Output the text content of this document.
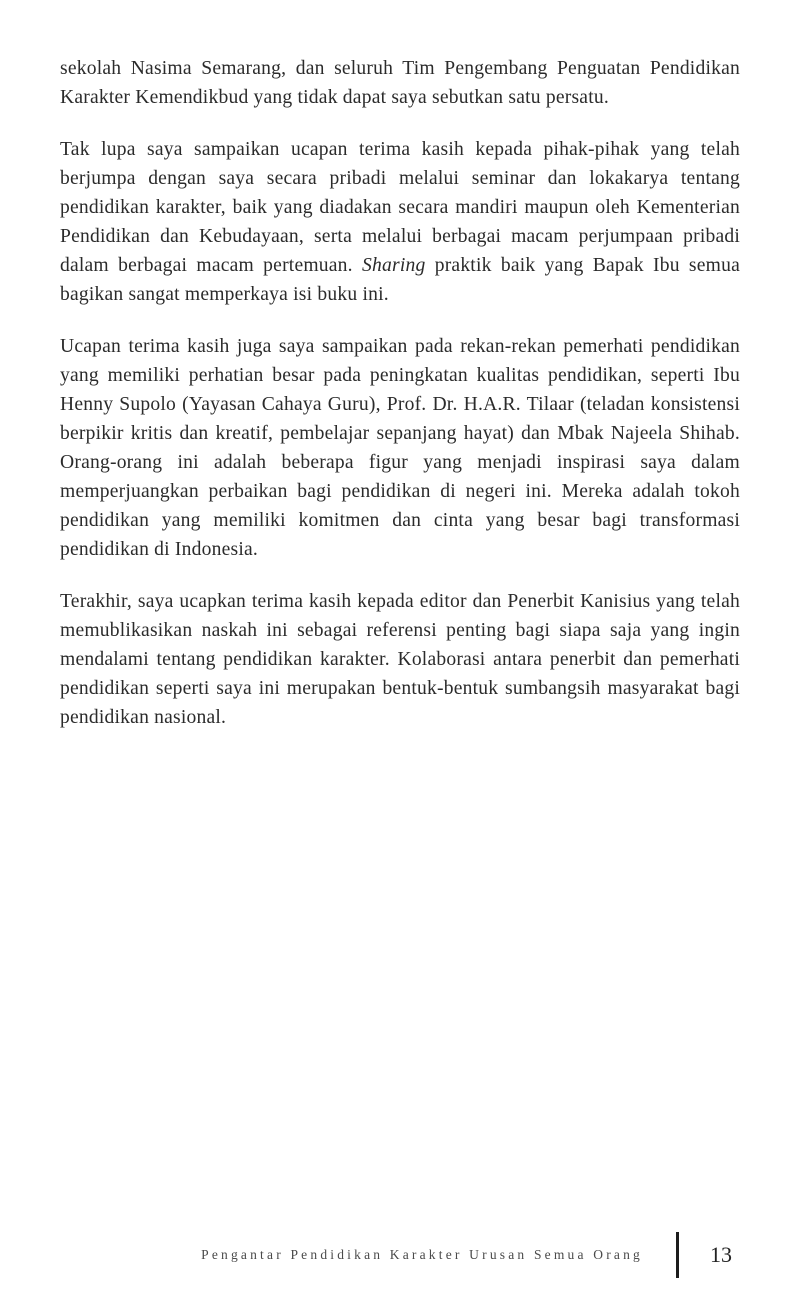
sekolah Nasima Semarang, dan seluruh Tim Pengembang Penguatan Pendidikan Karakter Kemendikbud yang tidak dapat saya sebutkan satu persatu.

Tak lupa saya sampaikan ucapan terima kasih kepada pihak-pihak yang telah berjumpa dengan saya secara pribadi melalui seminar dan lokakarya tentang pendidikan karakter, baik yang diadakan secara mandiri maupun oleh Kementerian Pendidikan dan Kebudayaan, serta melalui berbagai macam perjumpaan pribadi dalam berbagai macam pertemuan. Sharing praktik baik yang Bapak Ibu semua bagikan sangat memperkaya isi buku ini.

Ucapan terima kasih juga saya sampaikan pada rekan-rekan pemerhati pendidikan yang memiliki perhatian besar pada peningkatan kualitas pendidikan, seperti Ibu Henny Supolo (Yayasan Cahaya Guru), Prof. Dr. H.A.R. Tilaar (teladan konsistensi berpikir kritis dan kreatif, pembelajar sepanjang hayat) dan Mbak Najeela Shihab. Orang-orang ini adalah beberapa figur yang menjadi inspirasi saya dalam memperjuangkan perbaikan bagi pendidikan di negeri ini. Mereka adalah tokoh pendidikan yang memiliki komitmen dan cinta yang besar bagi transformasi pendidikan di Indonesia.

Terakhir, saya ucapkan terima kasih kepada editor dan Penerbit Kanisius yang telah memublikasikan naskah ini sebagai referensi penting bagi siapa saja yang ingin mendalami tentang pendidikan karakter. Kolaborasi antara penerbit dan pemerhati pendidikan seperti saya ini merupakan bentuk-bentuk sumbangsih masyarakat bagi pendidikan nasional.

Pengantar Pendidikan Karakter Urusan Semua Orang	13
